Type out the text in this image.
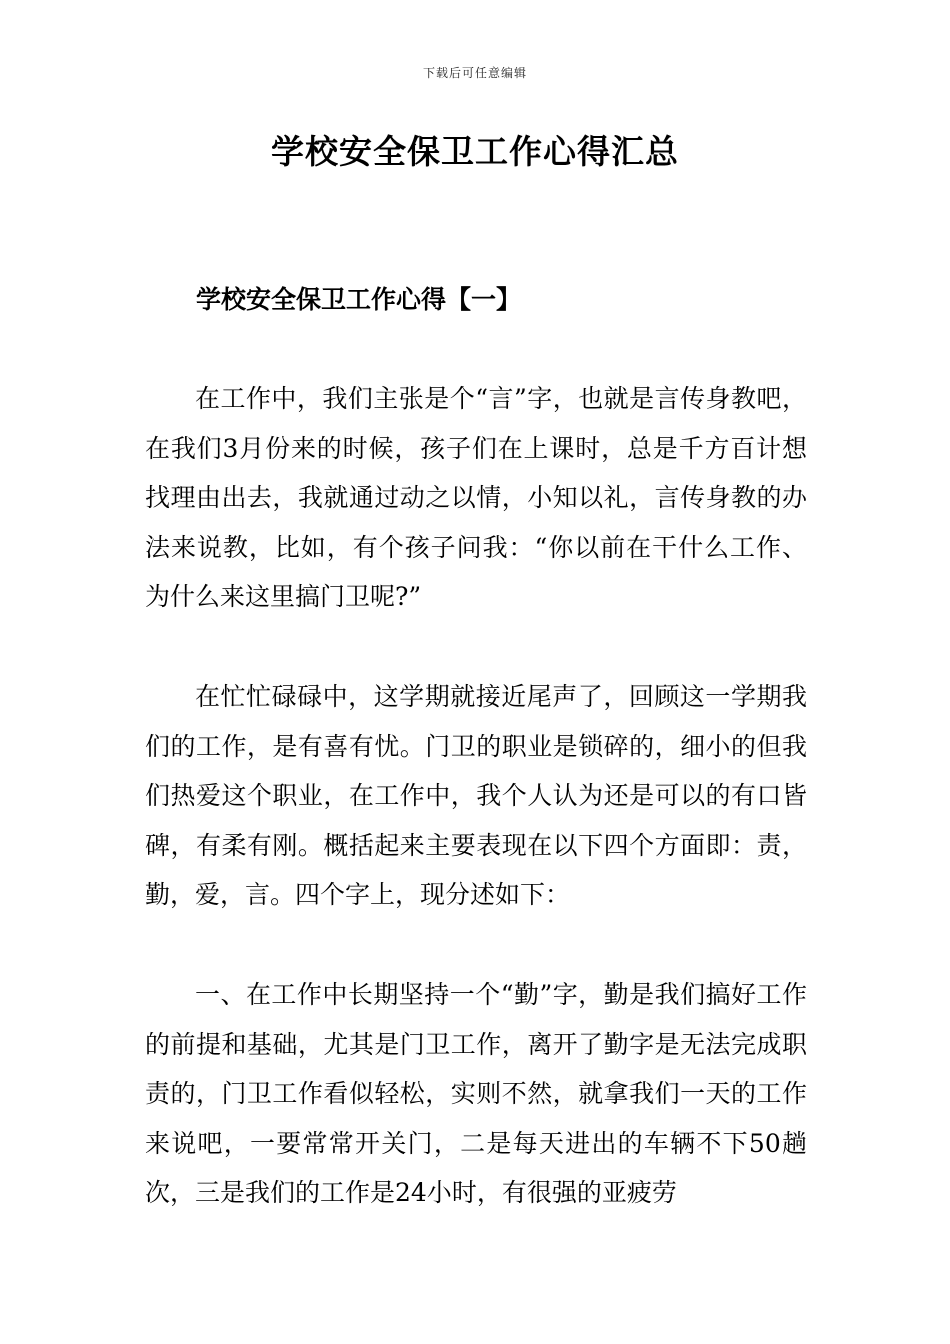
下载后可任意编辑
学校安全保卫工作心得汇总
学校安全保卫工作心得【一】

在工作中，我们主张是个“言”字，也就是言传身教吧，在我们3月份来的时候，孩子们在上课时，总是千方百计想找理由出去，我就通过动之以情，小知以礼，言传身教的办法来说教，比如，有个孩子问我：“你以前在干什么工作、为什么来这里搞门卫呢?”

在忙忙碌碌中，这学期就接近尾声了，回顾这一学期我们的工作，是有喜有忧。门卫的职业是锁碎的，细小的但我们热爱这个职业，在工作中，我个人认为还是可以的有口皆碑，有柔有刚。概括起来主要表现在以下四个方面即：责，勤，爱，言。四个字上，现分述如下：

一、在工作中长期坚持一个“勤”字，勤是我们搞好工作的前提和基础，尤其是门卫工作，离开了勤字是无法完成职责的，门卫工作看似轻松，实则不然，就拿我们一天的工作来说吧，一要常常开关门，二是每天进出的车辆不下50趟次，三是我们的工作是24小时，有很强的亚疲劳
